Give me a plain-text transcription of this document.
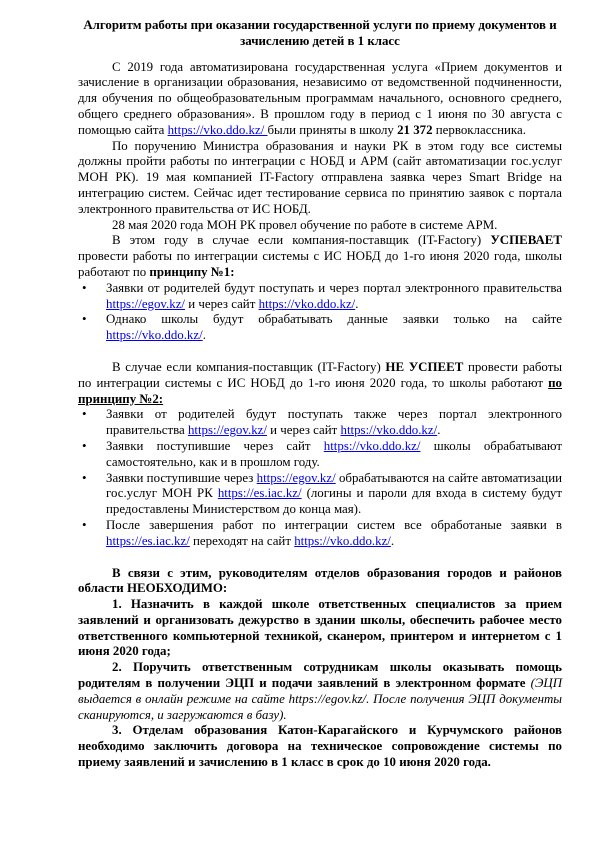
Алгоритм работы при оказании государственной услуги по приему документов и зачислению детей в 1 класс

С 2019 года автоматизирована государственная услуга «Прием документов и зачисление в организации образования, независимо от ведомственной подчиненности, для обучения по общеобразовательным программам начального, основного среднего, общего среднего образования». В прошлом году в период с 1 июня по 30 августа с помощью сайта https://vko.ddo.kz/ были приняты в школу 21 372 первоклассника.

По поручению Министра образования и науки РК в этом году все системы должны пройти работы по интеграции с НОБД и АРМ (сайт автоматизации гос.услуг МОН РК). 19 мая компанией IT-Factory отправлена заявка через Smart Bridge на интеграцию систем. Сейчас идет тестирование сервиса по принятию заявок с портала электронного правительства от ИС НОБД.

28 мая 2020 года МОН РК провел обучение по работе в системе АРМ.

В этом году в случае если компания-поставщик (IT-Factory) УСПЕВАЕТ провести работы по интеграции системы с ИС НОБД до 1-го июня 2020 года, школы работают по принципу №1:

• Заявки от родителей будут поступать и через портал электронного правительства https://egov.kz/ и через сайт https://vko.ddo.kz/.
• Однако школы будут обрабатывать данные заявки только на сайте https://vko.ddo.kz/.

В случае если компания-поставщик (IT-Factory) НЕ УСПЕЕТ провести работы по интеграции системы с ИС НОБД до 1-го июня 2020 года, то школы работают по принципу №2:

• Заявки от родителей будут поступать также через портал электронного правительства https://egov.kz/ и через сайт https://vko.ddo.kz/.
• Заявки поступившие через сайт https://vko.ddo.kz/ школы обрабатывают самостоятельно, как и в прошлом году.
• Заявки поступившие через https://egov.kz/ обрабатываются на сайте автоматизации гос.услуг МОН РК https://es.iac.kz/ (логины и пароли для входа в систему будут предоставлены Министерством до конца мая).
• После завершения работ по интеграции систем все обработаные заявки в https://es.iac.kz/ переходят на сайт https://vko.ddo.kz/.

В связи с этим, руководителям отделов образования городов и районов области НЕОБХОДИМО:

1. Назначить в каждой школе ответственных специалистов за прием заявлений и организовать дежурство в здании школы, обеспечить рабочее место ответственного компьютерной техникой, сканером, принтером и интернетом с 1 июня 2020 года;

2. Поручить ответственным сотрудникам школы оказывать помощь родителям в получении ЭЦП и подачи заявлений в электронном формате (ЭЦП выдается в онлайн режиме на сайте https://egov.kz/. После получения ЭЦП документы сканируются, и загружаются в базу).

3. Отделам образования Катон-Карагайского и Курчумского районов необходимо заключить договора на техническое сопровождение системы по приему заявлений и зачислению в 1 класс в срок до 10 июня 2020 года.
